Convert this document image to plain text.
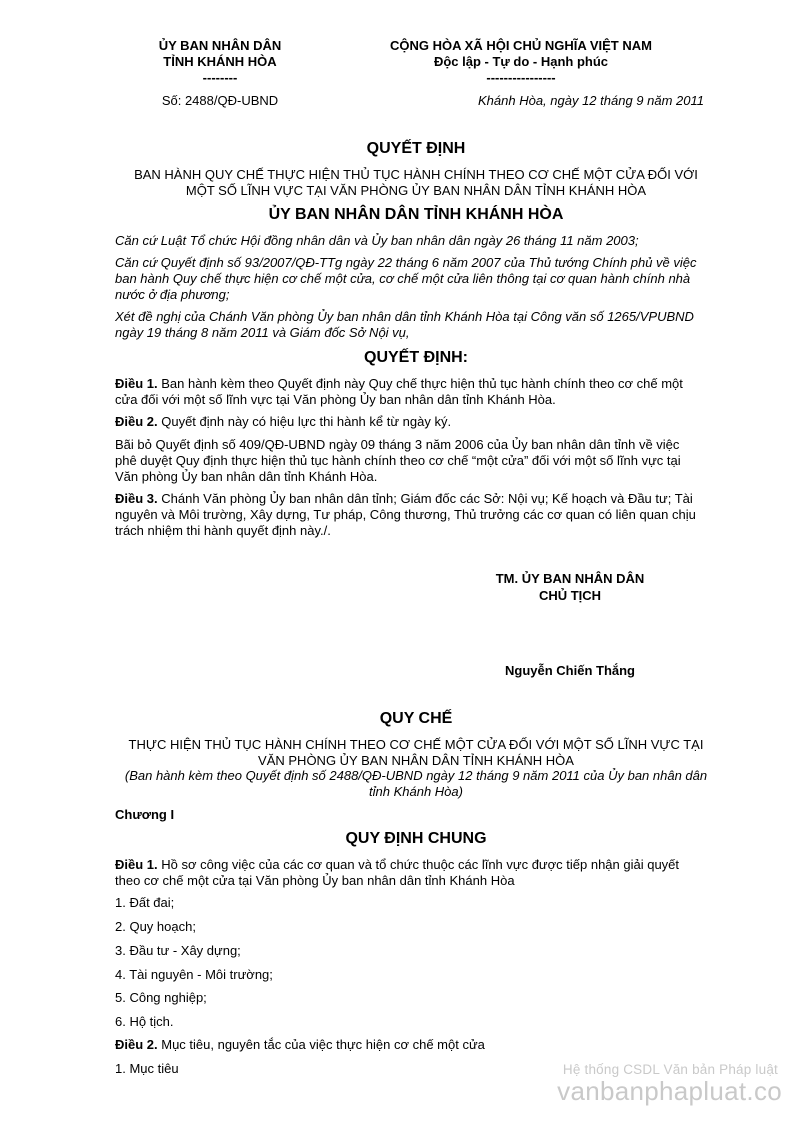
ỦY BAN NHÂN DÂN
TỈNH KHÁNH HÒA
--------
Số: 2488/QĐ-UBND
CỘNG HÒA XÃ HỘI CHỦ NGHĨA VIỆT NAM
Độc lập - Tự do - Hạnh phúc
----------------
Khánh Hòa, ngày 12 tháng 9 năm 2011
QUYẾT ĐỊNH
BAN HÀNH QUY CHẾ THỰC HIỆN THỦ TỤC HÀNH CHÍNH THEO CƠ CHẾ MỘT CỬA ĐỐI VỚI
MỘT SỐ LĨNH VỰC TẠI VĂN PHÒNG ỦY BAN NHÂN DÂN TỈNH KHÁNH HÒA
ỦY BAN NHÂN DÂN TỈNH KHÁNH HÒA
Căn cứ Luật Tổ chức Hội đồng nhân dân và Ủy ban nhân dân ngày 26 tháng 11 năm 2003;
Căn cứ Quyết định số 93/2007/QĐ-TTg ngày 22 tháng 6 năm 2007 của Thủ tướng Chính phủ về việc
ban hành Quy chế thực hiện cơ chế một cửa, cơ chế một cửa liên thông tại cơ quan hành chính nhà
nước ở địa phương;
Xét đề nghị của Chánh Văn phòng Ủy ban nhân dân tỉnh Khánh Hòa tại Công văn số 1265/VPUBND
ngày 19 tháng 8 năm 2011 và Giám đốc Sở Nội vụ,
QUYẾT ĐỊNH:
Điều 1. Ban hành kèm theo Quyết định này Quy chế thực hiện thủ tục hành chính theo cơ chế một
cửa đối với một số lĩnh vực tại Văn phòng Ủy ban nhân dân tỉnh Khánh Hòa.
Điều 2. Quyết định này có hiệu lực thi hành kể từ ngày ký.
Bãi bỏ Quyết định số 409/QĐ-UBND ngày 09 tháng 3 năm 2006 của Ủy ban nhân dân tỉnh về việc
phê duyệt Quy định thực hiện thủ tục hành chính theo cơ chế “một cửa” đối với một số lĩnh vực tại
Văn phòng Ủy ban nhân dân tỉnh Khánh Hòa.
Điều 3. Chánh Văn phòng Ủy ban nhân dân tỉnh; Giám đốc các Sở: Nội vụ; Kế hoạch và Đầu tư; Tài
nguyên và Môi trường, Xây dựng, Tư pháp, Công thương, Thủ trưởng các cơ quan có liên quan chịu
trách nhiệm thi hành quyết định này./.
TM. ỦY BAN NHÂN DÂN
CHỦ TỊCH
Nguyễn Chiến Thắng
QUY CHẾ
THỰC HIỆN THỦ TỤC HÀNH CHÍNH THEO CƠ CHẾ MỘT CỬA ĐỐI VỚI MỘT SỐ LĨNH VỰC TẠI
VĂN PHÒNG ỦY BAN NHÂN DÂN TỈNH KHÁNH HÒA
(Ban hành kèm theo Quyết định số 2488/QĐ-UBND ngày 12 tháng 9 năm 2011 của Ủy ban nhân dân
tỉnh Khánh Hòa)
Chương I
QUY ĐỊNH CHUNG
Điều 1. Hồ sơ công việc của các cơ quan và tổ chức thuộc các lĩnh vực được tiếp nhận giải quyết
theo cơ chế một cửa tại Văn phòng Ủy ban nhân dân tỉnh Khánh Hòa
1. Đất đai;
2. Quy hoạch;
3. Đầu tư - Xây dựng;
4. Tài nguyên - Môi trường;
5. Công nghiệp;
6. Hộ tịch.
Điều 2. Mục tiêu, nguyên tắc của việc thực hiện cơ chế một cửa
1. Mục tiêu	Hệ thống CSDL Văn bản Pháp luật
vanbanphapluat.co
